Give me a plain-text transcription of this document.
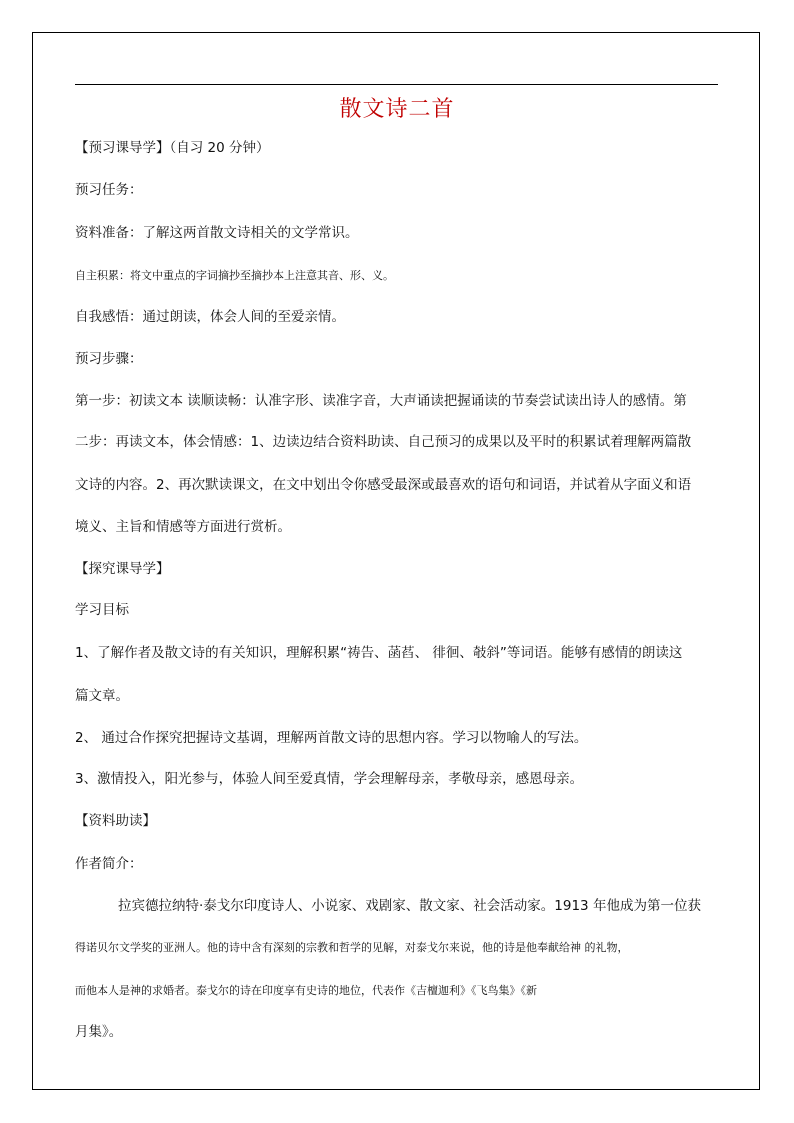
散文诗二首
【预习课导学】（自习 20 分钟）
预习任务：
资料准备：了解这两首散文诗相关的文学常识。
自主积累：将文中重点的字词摘抄至摘抄本上注意其音、形、义。
自我感悟：通过朗读，体会人间的至爱亲情。
预习步骤：
第一步：初读文本 读顺读畅：认准字形、读准字音，大声诵读把握诵读的节奏尝试读出诗人的感情。第
二步：再读文本，体会情感：1、边读边结合资料助读、自己预习的成果以及平时的积累试着理解两篇散
文诗的内容。2、再次默读课文，在文中划出令你感受最深或最喜欢的语句和词语，并试着从字面义和语
境义、主旨和情感等方面进行赏析。
【探究课导学】
学习目标
1、了解作者及散文诗的有关知识，理解积累“祷告、菡萏、 徘徊、攲斜”等词语。能够有感情的朗读这
篇文章。
2、 通过合作探究把握诗文基调，理解两首散文诗的思想内容。学习以物喻人的写法。
3、激情投入，阳光参与，体验人间至爱真情，学会理解母亲，孝敬母亲，感恩母亲。
【资料助读】
作者简介：
拉宾德拉纳特·泰戈尔印度诗人、小说家、戏剧家、散文家、社会活动家。1913 年他成为第一位获
得诺贝尔文学奖的亚洲人。他的诗中含有深刻的宗教和哲学的见解，对泰戈尔来说，他的诗是他奉献给神 的礼物，
而他本人是神的求婚者。泰戈尔的诗在印度享有史诗的地位，代表作《吉檀迦利》《飞鸟集》《新
月集》。
